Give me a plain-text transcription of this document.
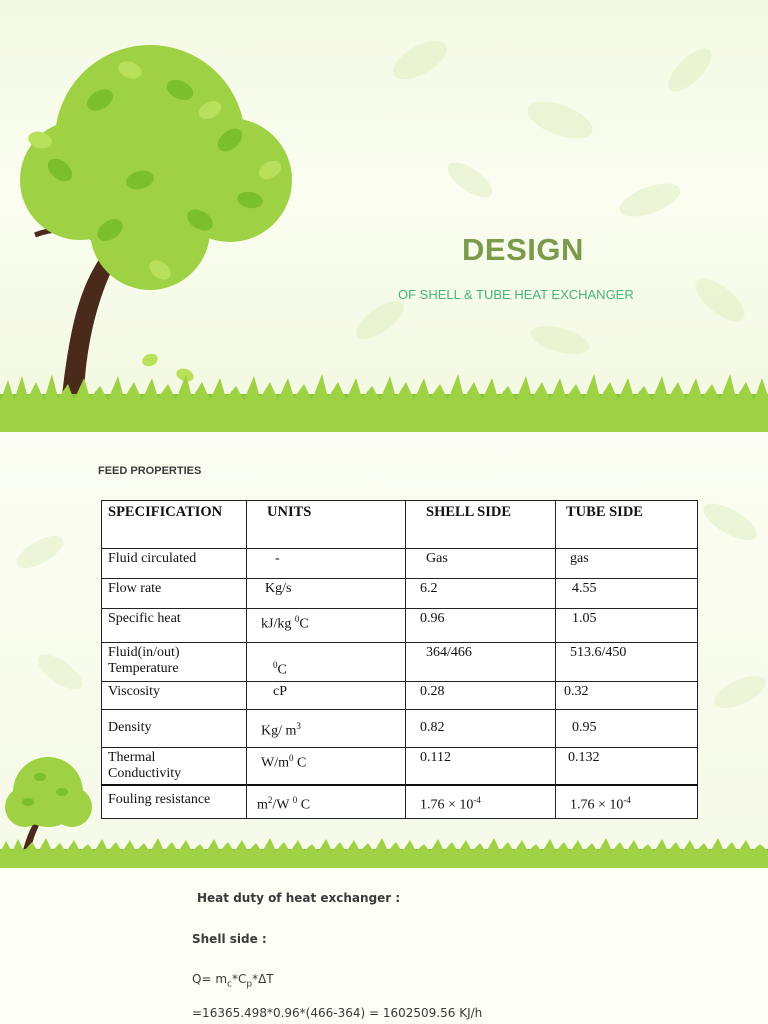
DESIGN

OF SHELL & TUBE HEAT EXCHANGER

FEED PROPERTIES
SPECIFICATION	UNITS	SHELL SIDE	TUBE SIDE
Fluid circulated	-	Gas	gas
Flow rate	Kg/s	6.2	4.55
Specific heat	kJ/kg $^0$C	0.96	1.05
Fluid(in/out)
Temperature	$^0$C	364/466	513.6/450
Viscosity	cP	0.28	0.32
Density	Kg/ $m^3$	0.82	0.95
Thermal
Conductivity	$W/m^0$ C	0.112	0.132
Fouling resistance	$m^2/W$ $^0$ C	$1.76 \times 10^{-4}$	$1.76 \times 10^{-4}$
Heat duty of heat exchanger :
Shell side :
$Q= m_c*C_p*\Delta T$
=16365.498*0.96*(466-364) = 1602509.56 KJ/h
